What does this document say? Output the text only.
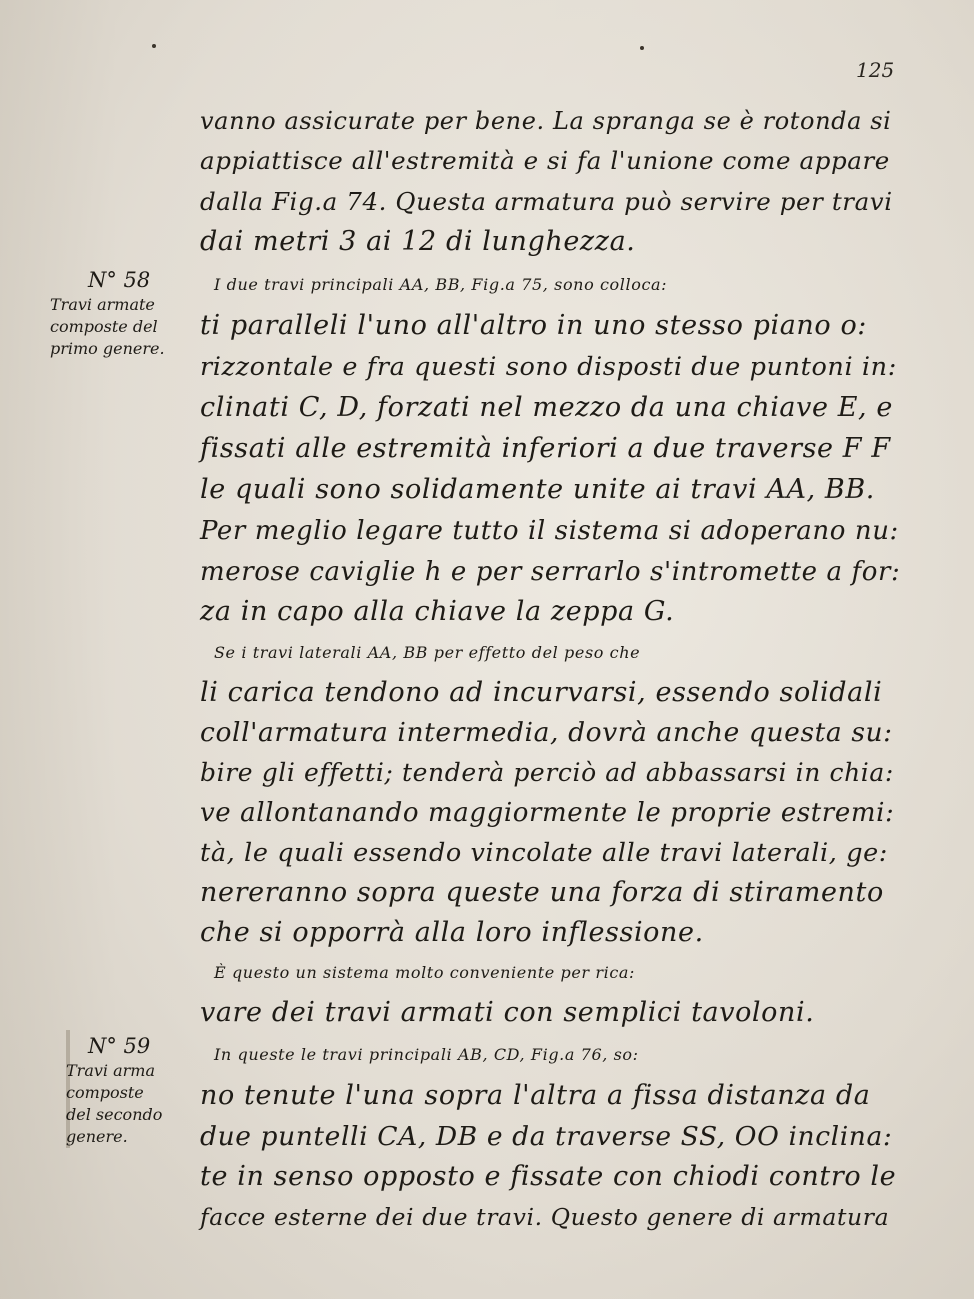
125
N° 58
Travi armate
composte del
primo genere.
N° 59
Travi arma
composte
del secondo
genere.
vanno assicurate per bene. La spranga se è rotonda si
appiattisce all'estremità e si fa l'unione come appare
dalla Fig.a 74. Questa armatura può servire per travi
dai metri 3 ai 12 di lunghezza.
I due travi principali AA, BB, Fig.a 75, sono colloca:
ti paralleli l'uno all'altro in uno stesso piano o:
rizzontale e fra questi sono disposti due puntoni in:
clinati C, D, forzati nel mezzo da una chiave E, e
fissati alle estremità inferiori a due traverse F F
le quali sono solidamente unite ai travi AA, BB.
Per meglio legare tutto il sistema si adoperano nu:
merose caviglie h e per serrarlo s'intromette a for:
za in capo alla chiave la zeppa G.
Se i travi laterali AA, BB per effetto del peso che
li carica tendono ad incurvarsi, essendo solidali
coll'armatura intermedia, dovrà anche questa su:
bire gli effetti; tenderà perciò ad abbassarsi in chia:
ve allontanando maggiormente le proprie estremi:
tà, le quali essendo vincolate alle travi laterali, ge:
nereranno sopra queste una forza di stiramento
che si opporrà alla loro inflessione.
È questo un sistema molto conveniente per rica:
vare dei travi armati con semplici tavoloni.
In queste le travi principali AB, CD, Fig.a 76, so:
no tenute l'una sopra l'altra a fissa distanza da
due puntelli CA, DB e da traverse SS, OO inclina:
te in senso opposto e fissate con chiodi contro le
facce esterne dei due travi. Questo genere di armatura
